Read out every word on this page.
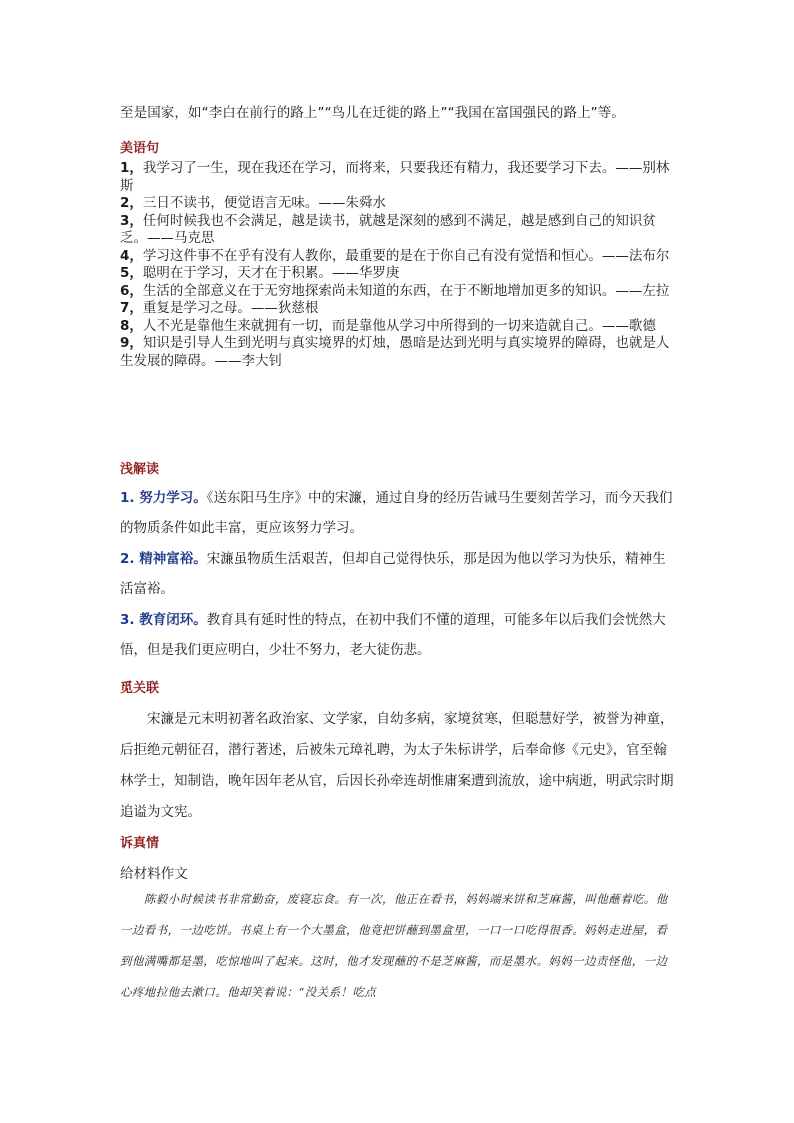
至是国家，如“李白在前行的路上”“鸟儿在迁徙的路上”“我国在富国强民的路上”等。

美语句

1，我学习了一生，现在我还在学习，而将来，只要我还有精力，我还要学习下去。——别林斯

2，三日不读书，便觉语言无味。——朱舜水

3，任何时候我也不会满足，越是读书，就越是深刻的感到不满足，越是感到自己的知识贫乏。——马克思

4，学习这件事不在乎有没有人教你，最重要的是在于你自己有没有觉悟和恒心。——法布尔

5，聪明在于学习，天才在于积累。——华罗庚

6，生活的全部意义在于无穷地探索尚未知道的东西，在于不断地增加更多的知识。——左拉

7，重复是学习之母。——狄慈根

8，人不光是靠他生来就拥有一切，而是靠他从学习中所得到的一切来造就自己。——歌德

9，知识是引导人生到光明与真实境界的灯烛，愚暗是达到光明与真实境界的障碍，也就是人生发展的障碍。——李大钊

浅解读

1. 努力学习。《送东阳马生序》中的宋濂，通过自身的经历告诫马生要刻苦学习，而今天我们的物质条件如此丰富，更应该努力学习。

2. 精神富裕。宋濂虽物质生活艰苦，但却自己觉得快乐，那是因为他以学习为快乐，精神生活富裕。

3. 教育闭环。教育具有延时性的特点，在初中我们不懂的道理，可能多年以后我们会恍然大悟，但是我们更应明白，少壮不努力，老大徒伤悲。

觅关联

宋濂是元末明初著名政治家、文学家，自幼多病，家境贫寒，但聪慧好学，被誉为神童，后拒绝元朝征召，潜行著述，后被朱元璋礼聘，为太子朱标讲学，后奉命修《元史》，官至翰林学士，知制诰，晚年因年老从官，后因长孙牵连胡惟庸案遭到流放，途中病逝，明武宗时期追谥为文宪。

诉真情

给材料作文

陈毅小时候读书非常勤奋，废寝忘食。有一次，他正在看书，妈妈端来饼和芝麻酱，叫他蘸着吃。他一边看书，一边吃饼。书桌上有一个大墨盒，他竟把饼蘸到墨盒里，一口一口吃得很香。妈妈走进屋，看到他满嘴都是墨，吃惊地叫了起来。这时，他才发现蘸的不是芝麻酱，而是墨水。妈妈一边责怪他，一边心疼地拉他去漱口。他却笑着说：“没关系！吃点
